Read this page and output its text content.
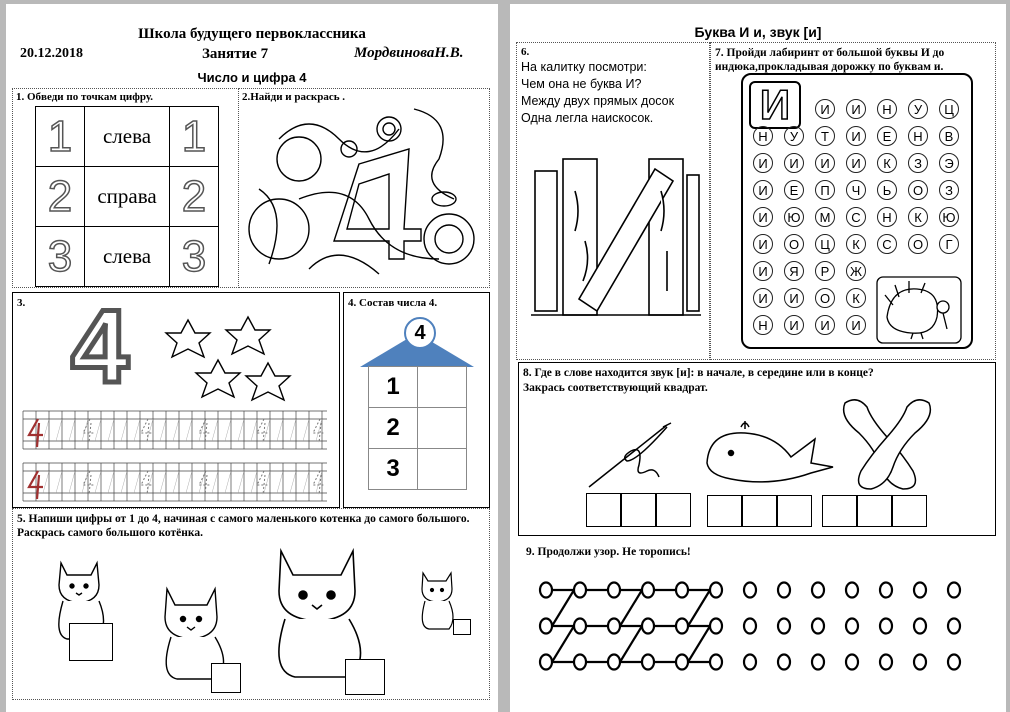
Школа будущего первоклассника
20.12.2018	Занятие 7	МордвиноваН.В.
Число и цифра 4
1. Обведи по точкам цифру.
1	слева 1
2	справа 2
3	слева 3
2.Найди и раскрась .
3. 4	4. Состав числа 4.
4
1
2
3
5. Напиши цифры от 1 до 4, начиная с самого маленького котенка до самого большого. Раскрась самого большого котёнка.
Буква И и, звук [и]
6.
На калитку посмотри:
Чем она не буква И?
Между двух прямых досок
Одна легла наискосок.
7. Пройди лабиринт от большой буквы И до индюка,прокладывая дорожку по буквам и.
И	И	И	Н	У	Ц
Н	У	Т	И	Е	Н	В
И	И	И	И	К	З	Э
И	Е	П	Ч	Ь	О	З
И	Ю	М	С	Н	К	Ю
И	О	Ц	К	С	О	Г
И	Я	Р	Ж
И	И	О	К
Н	И	И	И
8. Где в слове находится звук [и]: в начале, в середине или в конце?
Закрась соответствующий квадрат.
9. Продолжи узор. Не торопись!
